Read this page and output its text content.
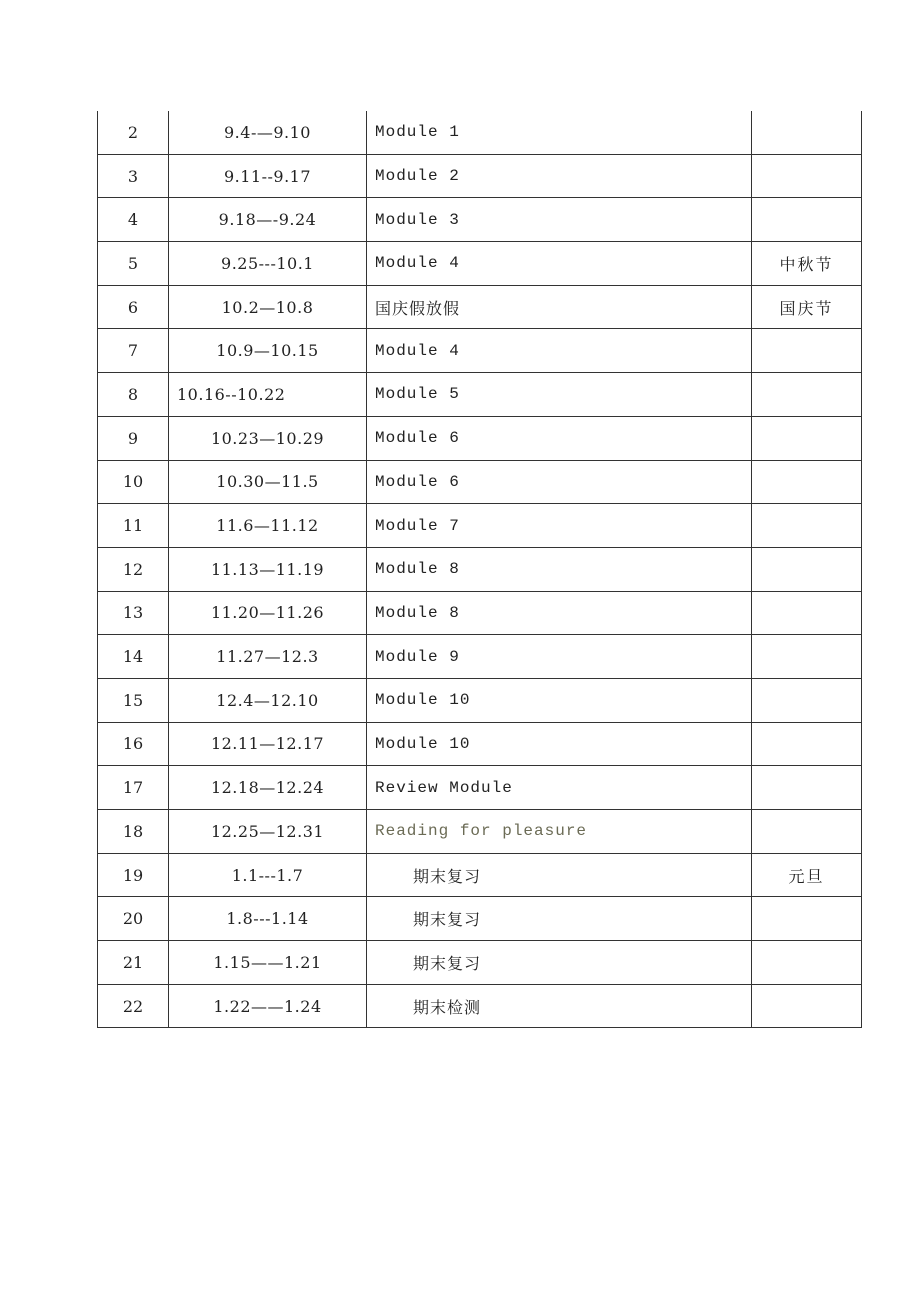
2	9.4-—9.10	Module 1	
3	9.11--9.17	Module 2	
4	9.18—-9.24	Module 3	
5	9.25---10.1	Module 4	中秋节
6	10.2—10.8	国庆假放假	国庆节
7	10.9—10.15	Module 4	
8	10.16--10.22	Module 5	
9	10.23—10.29	Module 6	
10	10.30—11.5	Module 6	
11	11.6—11.12	Module 7	
12	11.13—11.19	Module 8	
13	11.20—11.26	Module 8	
14	11.27—12.3	Module 9	
15	12.4—12.10	Module 10	
16	12.11—12.17	Module 10	
17	12.18—12.24	Review Module	
18	12.25—12.31	Reading for pleasure	
19	1.1---1.7	期末复习	元旦
20	1.8---1.14	期末复习	
21	1.15——1.21	期末复习	
22	1.22——1.24	期末检测	
